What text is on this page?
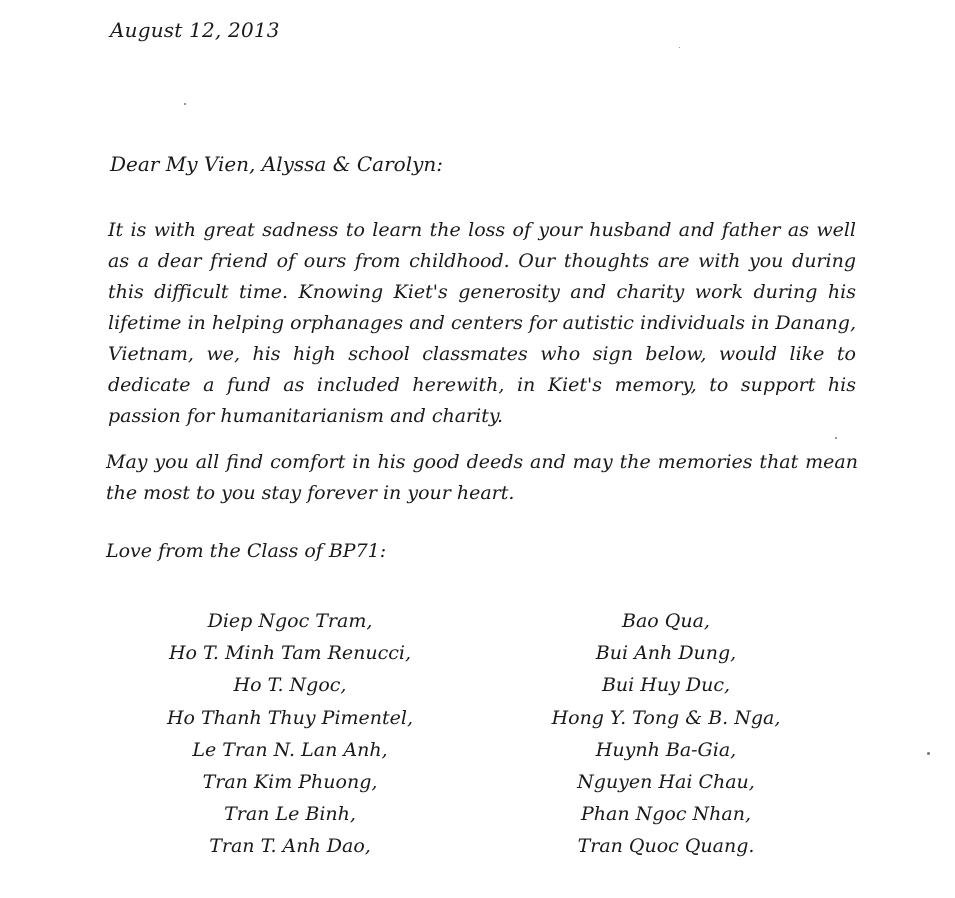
August 12, 2013
Dear My Vien, Alyssa & Carolyn:
It is with great sadness to learn the loss of your husband and father as well as a dear friend of ours from childhood. Our thoughts are with you during this difficult time. Knowing Kiet's generosity and charity work during his lifetime in helping orphanages and centers for autistic individuals in Danang, Vietnam, we, his high school classmates who sign below, would like to dedicate a fund as included herewith, in Kiet's memory, to support his passion for humanitarianism and charity.
May you all find comfort in his good deeds and may the memories that mean the most to you stay forever in your heart.
Love from the Class of BP71:
Diep Ngoc Tram,
Ho T. Minh Tam Renucci,
Ho T. Ngoc,
Ho Thanh Thuy Pimentel,
Le Tran N. Lan Anh,
Tran Kim Phuong,
Tran Le Binh,
Tran T. Anh Dao,
Bao Qua,
Bui Anh Dung,
Bui Huy Duc,
Hong Y. Tong & B. Nga,
Huynh Ba-Gia,
Nguyen Hai Chau,
Phan Ngoc Nhan,
Tran Quoc Quang.
